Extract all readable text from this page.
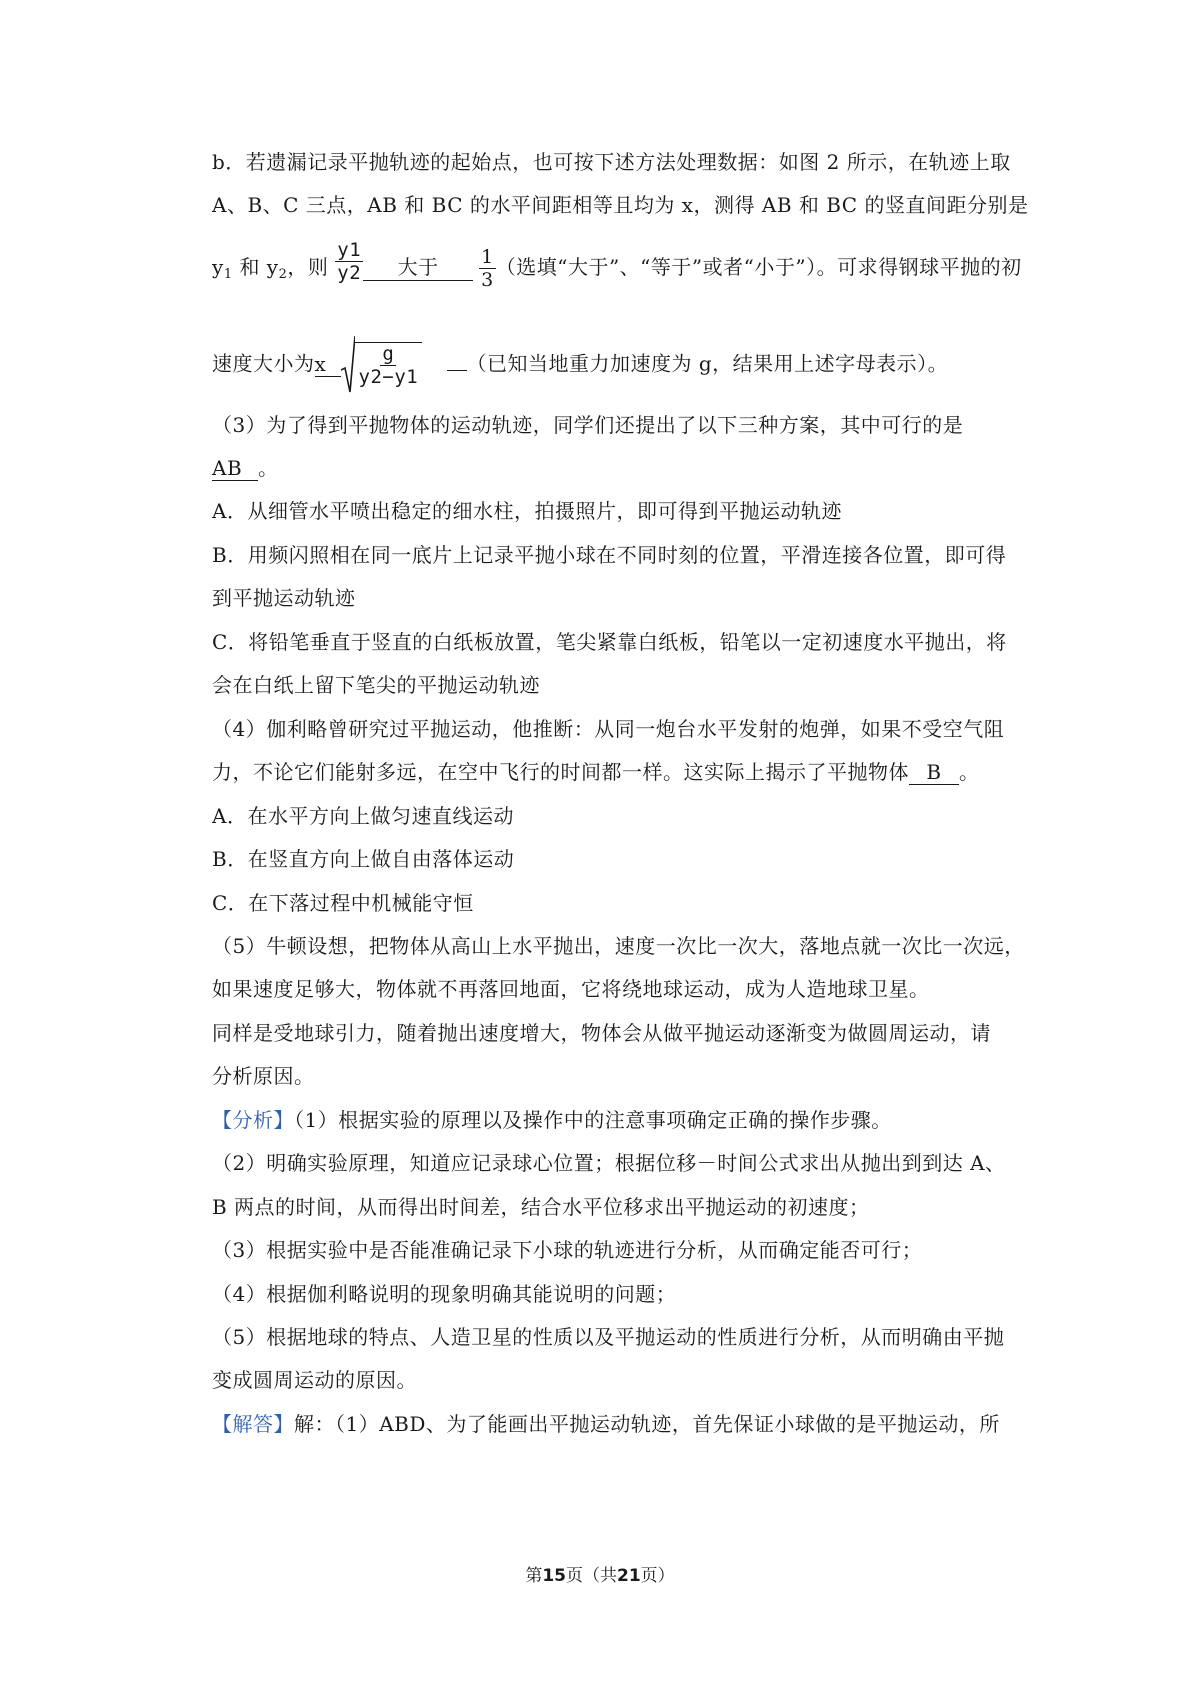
b．若遗漏记录平抛轨迹的起始点，也可按下述方法处理数据：如图 2 所示，在轨迹上取
A、B、C 三点，AB 和 BC 的水平间距相等且均为 x，测得 AB 和 BC 的竖直间距分别是
$y_1$ 和 $y_2$，则 $\frac{y1}{y2}$ 大于 $\frac{1}{3}$ （选填“大于”、“等于”或者“小于”）。可求得钢球平抛的初
速度大小为x $\frac{g}{y2-y1}$ （已知当地重力加速度为 g，结果用上述字母表示）。
（3）为了得到平抛物体的运动轨迹，同学们还提出了以下三种方案，其中可行的是
AB 。
A．从细管水平喷出稳定的细水柱，拍摄照片，即可得到平抛运动轨迹
B．用频闪照相在同一底片上记录平抛小球在不同时刻的位置，平滑连接各位置，即可得
到平抛运动轨迹
C．将铅笔垂直于竖直的白纸板放置，笔尖紧靠白纸板，铅笔以一定初速度水平抛出，将
会在白纸上留下笔尖的平抛运动轨迹
（4）伽利略曾研究过平抛运动，他推断：从同一炮台水平发射的炮弹，如果不受空气阻
力，不论它们能射多远，在空中飞行的时间都一样。这实际上揭示了平抛物体 B 。
A．在水平方向上做匀速直线运动
B．在竖直方向上做自由落体运动
C．在下落过程中机械能守恒
（5）牛顿设想，把物体从高山上水平抛出，速度一次比一次大，落地点就一次比一次远，
如果速度足够大，物体就不再落回地面，它将绕地球运动，成为人造地球卫星。
同样是受地球引力，随着抛出速度增大，物体会从做平抛运动逐渐变为做圆周运动，请
分析原因。
【分析】（1）根据实验的原理以及操作中的注意事项确定正确的操作步骤。
（2）明确实验原理，知道应记录球心位置；根据位移－时间公式求出从抛出到到达 A、
B 两点的时间，从而得出时间差，结合水平位移求出平抛运动的初速度；
（3）根据实验中是否能准确记录下小球的轨迹进行分析，从而确定能否可行；
（4）根据伽利略说明的现象明确其能说明的问题；
（5）根据地球的特点、人造卫星的性质以及平抛运动的性质进行分析，从而明确由平抛
变成圆周运动的原因。
【解答】解：（1）ABD、为了能画出平抛运动轨迹，首先保证小球做的是平抛运动，所
第15页（共21页）
